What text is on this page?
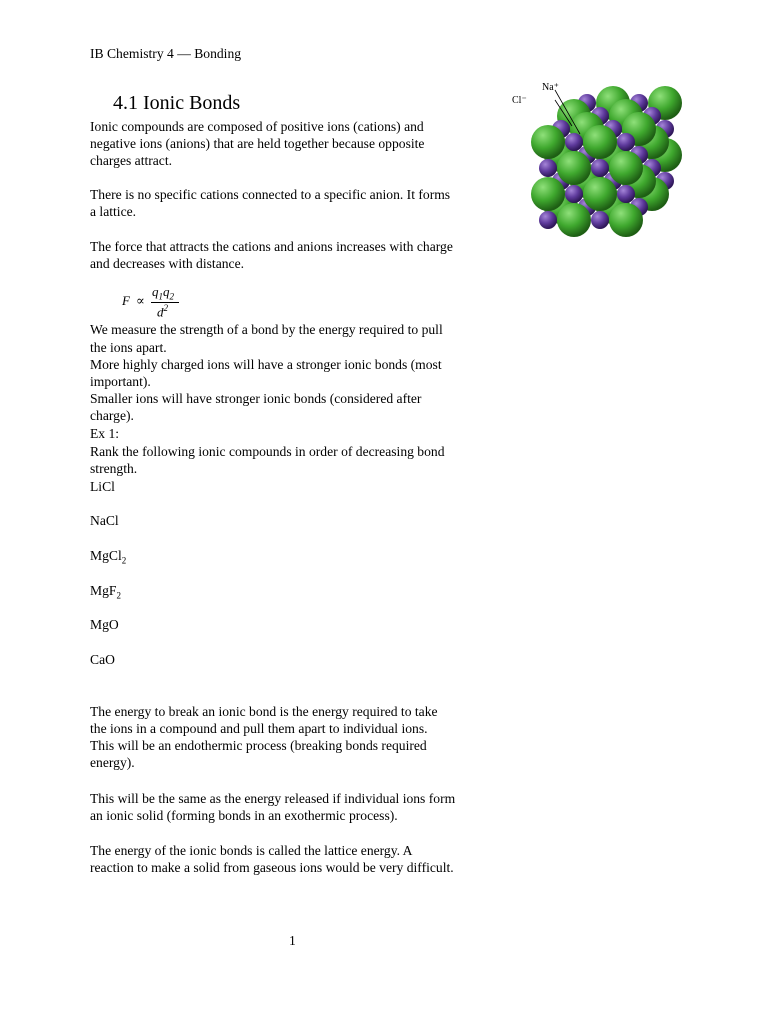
IB Chemistry 4 — Bonding
4.1 Ionic Bonds
Ionic compounds are composed of positive ions (cations) and
negative ions (anions) that are held together because opposite
charges attract.
There is no specific cations connected to a specific anion. It forms
a lattice.
The force that attracts the cations and anions increases with charge
and decreases with distance.
F ∝
$q_1q_2$
$d^2$
We measure the strength of a bond by the energy required to pull
the ions apart.
More highly charged ions will have a stronger ionic bonds (most
important).
Smaller ions will have stronger ionic bonds (considered after
charge).
Ex 1:
Rank the following ionic compounds in order of decreasing bond
strength.
LiCl
NaCl
MgCl$_2$
MgF$_2$
MgO
CaO
The energy to break an ionic bond is the energy required to take
the ions in a compound and pull them apart to individual ions.
This will be an endothermic process (breaking bonds required
energy).
This will be the same as the energy released if individual ions form
an ionic solid (forming bonds in an exothermic process).
The energy of the ionic bonds is called the lattice energy. A
reaction to make a solid from gaseous ions would be very difficult.
1
Cl⁻
Na⁺
